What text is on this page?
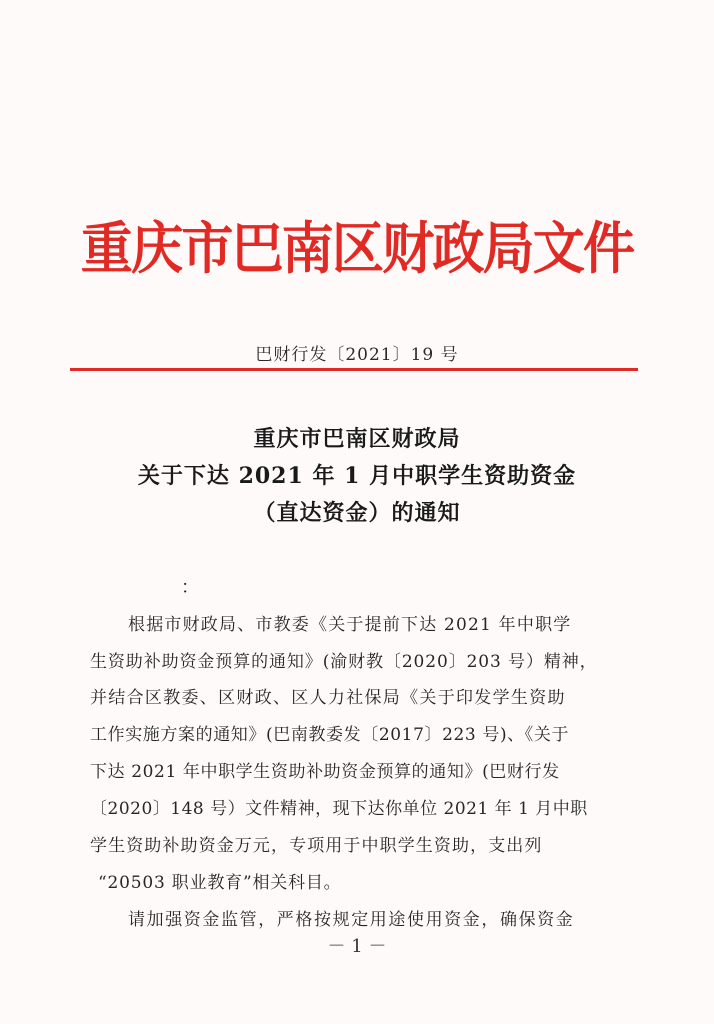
重庆市巴南区财政局文件
巴财行发〔2021〕19 号
重庆市巴南区财政局
关于下达 2021 年 1 月中职学生资助资金
（直达资金）的通知
：
根据市财政局、市教委《关于提前下达 2021 年中职学
生资助补助资金预算的通知》(渝财教〔2020〕203 号）精神，
并结合区教委、区财政、区人力社保局《关于印发学生资助
工作实施方案的通知》(巴南教委发〔2017〕223 号)、《关于
下达 2021 年中职学生资助补助资金预算的通知》(巴财行发
〔2020〕148 号）文件精神，现下达你单位 2021 年 1 月中职
学生资助补助资金万元，专项用于中职学生资助，支出列
“20503 职业教育”相关科目。
请加强资金监管，严格按规定用途使用资金，确保资金
－ 1 －
